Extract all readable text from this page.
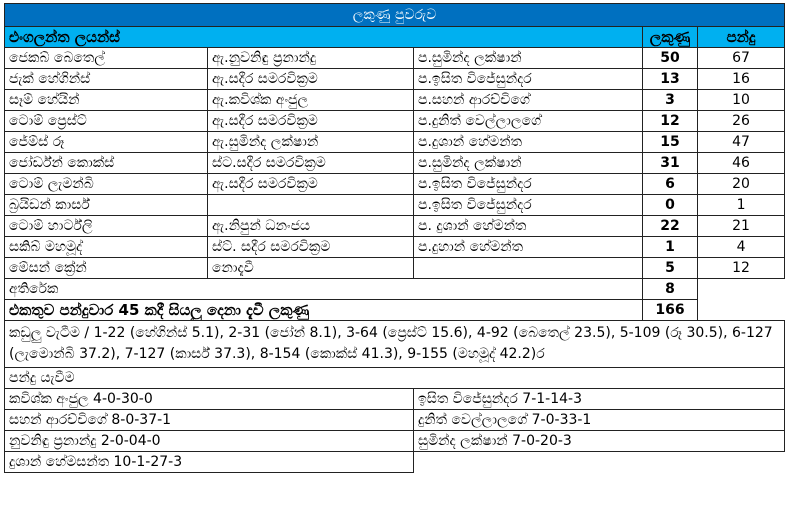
ලකුණු පුවරුව				
එංගලන්ත ලයන්ස්			ලකුණු	පන්දු
ජෙකබ් බෙතෙල්	ඇ.නුවනිඳු ප්‍රනාන්දු	ප.සුමින්ද ලක්ෂාන්	50	67
ජැක් හේගින්ස්	ඇ.සදීර සමරවික්‍රම	ප.ඉසිත විජේසුන්දර	13	16
සෑම් හේයින්	ඇ.කවිශ්ක අංජුල	ප.සහන් ආරච්චිගේ	3	10
ටොම් ප්‍රෙස්ට්	ඇ.සදීර සමරවික්‍රම	ප.දුනිත් වෙල්ලාලගේ	12	26
ජේම්ස් රූ	ඇ.සුමින්ද ලක්ෂාන්	ප.දුශාන් හේමන්ත	15	47
ජෝර්ඩ්න් කොක්ස්	ස්ට.සදීර සමරවික්‍රම	ප.සුමින්ද ලක්ෂාන්	31	46
ටොම් ලැමන්බි	ඇ.සදීර සමරවික්‍රම	ප.ඉසිත විජේසුන්දර	6	20
බ්‍රයිඩන් කාර්ස්		ප.ඉසිත විජේසුන්දර	0	1
ටොම් හාර්ට්ලි	ඇ.නිපුන් ධනංජය	ප. දුශාන් හේමන්ත	22	21
සකිබ් මහමූද්	ස්ට්. සදීර සමරවික්‍රම	ප.දුහාන් හේමන්ත	1	4
මේසන් ක්‍රේන්	නොදැවී		5	12
අතිරේක			8	
එකතුව පන්දුවාර 45 කදී සියලු දෙනා දැවී ලකුණු			166	
කඩුලු වැටීම / 1-22 (හේගින්ස් 5.1), 2-31 (ජෝන් 8.1), 3-64 (ප්‍රෙස්ට් 15.6), 4-92 (බෙතෙල් 23.5), 5-109 (රූ 30.5), 6-127 (ලැමොන්බි 37.2), 7-127 (කාර්ස් 37.3), 8-154 (කොක්ස් 41.3), 9-155 (මහමූද් 42.2)ර				
පන්දු යැවීම				
කවිශ්ක අංජුල 4-0-30-0		ඉසිත විජේසුන්දර 7-1-14-3		
සහන් ආරච්චිගේ 8-0-37-1		දුනිත් වෙල්ලාලගේ 7-0-33-1		
නුවනිඳු ප්‍රනාන්දු 2-0-04-0		සුමින්ද ලක්ෂාන් 7-0-20-3		
දුශාන් හේමසන්ත 10-1-27-3				
